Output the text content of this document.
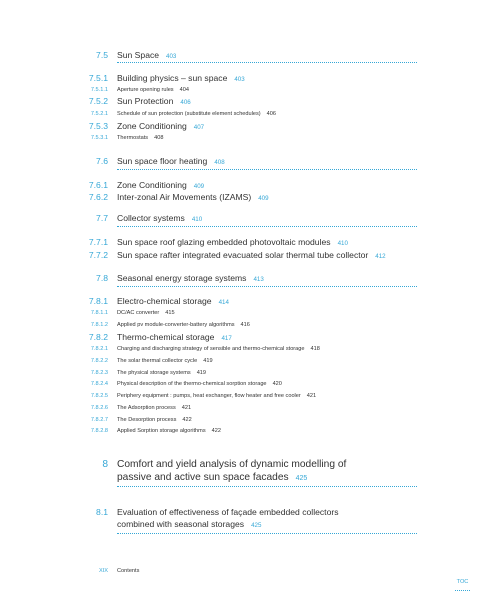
7.5 Sun Space 403
7.5.1 Building physics – sun space 403
7.5.1.1 Aperture opening rules 404
7.5.2 Sun Protection 406
7.5.2.1 Schedule of sun protection (substitute element schedules) 406
7.5.3 Zone Conditioning 407
7.5.3.1 Thermostats 408
7.6 Sun space floor heating 408
7.6.1 Zone Conditioning 409
7.6.2 Inter-zonal Air Movements (IZAMS) 409
7.7 Collector systems 410
7.7.1 Sun space roof glazing embedded photovoltaic modules 410
7.7.2 Sun space rafter integrated evacuated solar thermal tube collector 412
7.8 Seasonal energy storage systems 413
7.8.1 Electro-chemical storage 414
7.8.1.1 DC/AC converter 415
7.8.1.2 Applied pv module-converter-battery algorithms 416
7.8.2 Thermo-chemical storage 417
7.8.2.1 Charging and discharging strategy of sensible and thermo-chemical storage 418
7.8.2.2 The solar thermal collector cycle 419
7.8.2.3 The physical storage systems 419
7.8.2.4 Physical description of the thermo-chemical sorption storage 420
7.8.2.5 Periphery equipment : pumps, heat exchanger, flow heater and free cooler 421
7.8.2.6 The Adsorption process 421
7.8.2.7 The Desorption process 422
7.8.2.8 Applied Sorption storage algorithms 422
8 Comfort and yield analysis of dynamic modelling of
passive and active sun space facades 425
8.1 Evaluation of effectiveness of façade embedded collectors
combined with seasonal storages 425
XIX Contents
TOC
